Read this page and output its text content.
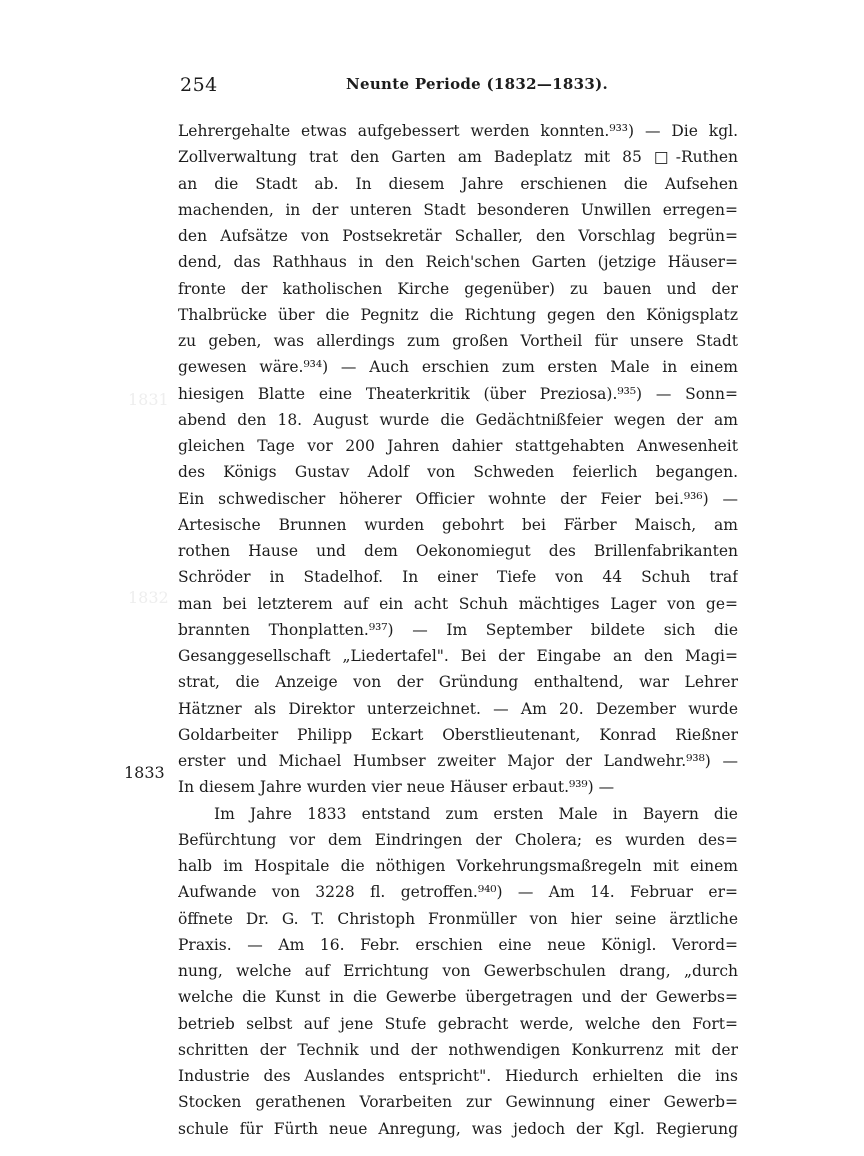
254	Neunte Periode (1832—1833).
1831
1832
1833
Lehrergehalte etwas aufgebessert werden konnten.⁹³³) — Die kgl.
Zollverwaltung trat den Garten am Badeplatz mit 85 □-Ruthen
an die Stadt ab. In diesem Jahre erschienen die Aufsehen
machenden, in der unteren Stadt besonderen Unwillen erregen=
den Aufsätze von Postsekretär Schaller, den Vorschlag begrün=
dend, das Rathhaus in den Reich'schen Garten (jetzige Häuser=
fronte der katholischen Kirche gegenüber) zu bauen und der
Thalbrücke über die Pegnitz die Richtung gegen den Königsplatz
zu geben, was allerdings zum großen Vortheil für unsere Stadt
gewesen wäre.⁹³⁴) — Auch erschien zum ersten Male in einem
hiesigen Blatte eine Theaterkritik (über Preziosa).⁹³⁵) — Sonn=
abend den 18. August wurde die Gedächtnißfeier wegen der am
gleichen Tage vor 200 Jahren dahier stattgehabten Anwesenheit
des Königs Gustav Adolf von Schweden feierlich begangen.
Ein schwedischer höherer Officier wohnte der Feier bei.⁹³⁶) —
Artesische Brunnen wurden gebohrt bei Färber Maisch, am
rothen Hause und dem Oekonomiegut des Brillenfabrikanten
Schröder in Stadelhof. In einer Tiefe von 44 Schuh traf
man bei letzterem auf ein acht Schuh mächtiges Lager von ge=
brannten Thonplatten.⁹³⁷) — Im September bildete sich die
Gesanggesellschaft „Liedertafel". Bei der Eingabe an den Magi=
strat, die Anzeige von der Gründung enthaltend, war Lehrer
Hätzner als Direktor unterzeichnet. — Am 20. Dezember wurde
Goldarbeiter Philipp Eckart Oberstlieutenant, Konrad Rießner
erster und Michael Humbser zweiter Major der Landwehr.⁹³⁸) —
In diesem Jahre wurden vier neue Häuser erbaut.⁹³⁹) —
Im Jahre 1833 entstand zum ersten Male in Bayern die
Befürchtung vor dem Eindringen der Cholera; es wurden des=
halb im Hospitale die nöthigen Vorkehrungsmaßregeln mit einem
Aufwande von 3228 fl. getroffen.⁹⁴⁰) — Am 14. Februar er=
öffnete Dr. G. T. Christoph Fronmüller von hier seine ärztliche
Praxis. — Am 16. Febr. erschien eine neue Königl. Verord=
nung, welche auf Errichtung von Gewerbschulen drang, „durch
welche die Kunst in die Gewerbe übergetragen und der Gewerbs=
betrieb selbst auf jene Stufe gebracht werde, welche den Fort=
schritten der Technik und der nothwendigen Konkurrenz mit der
Industrie des Auslandes entspricht". Hiedurch erhielten die ins
Stocken gerathenen Vorarbeiten zur Gewinnung einer Gewerb=
schule für Fürth neue Anregung, was jedoch der Kgl. Regierung
